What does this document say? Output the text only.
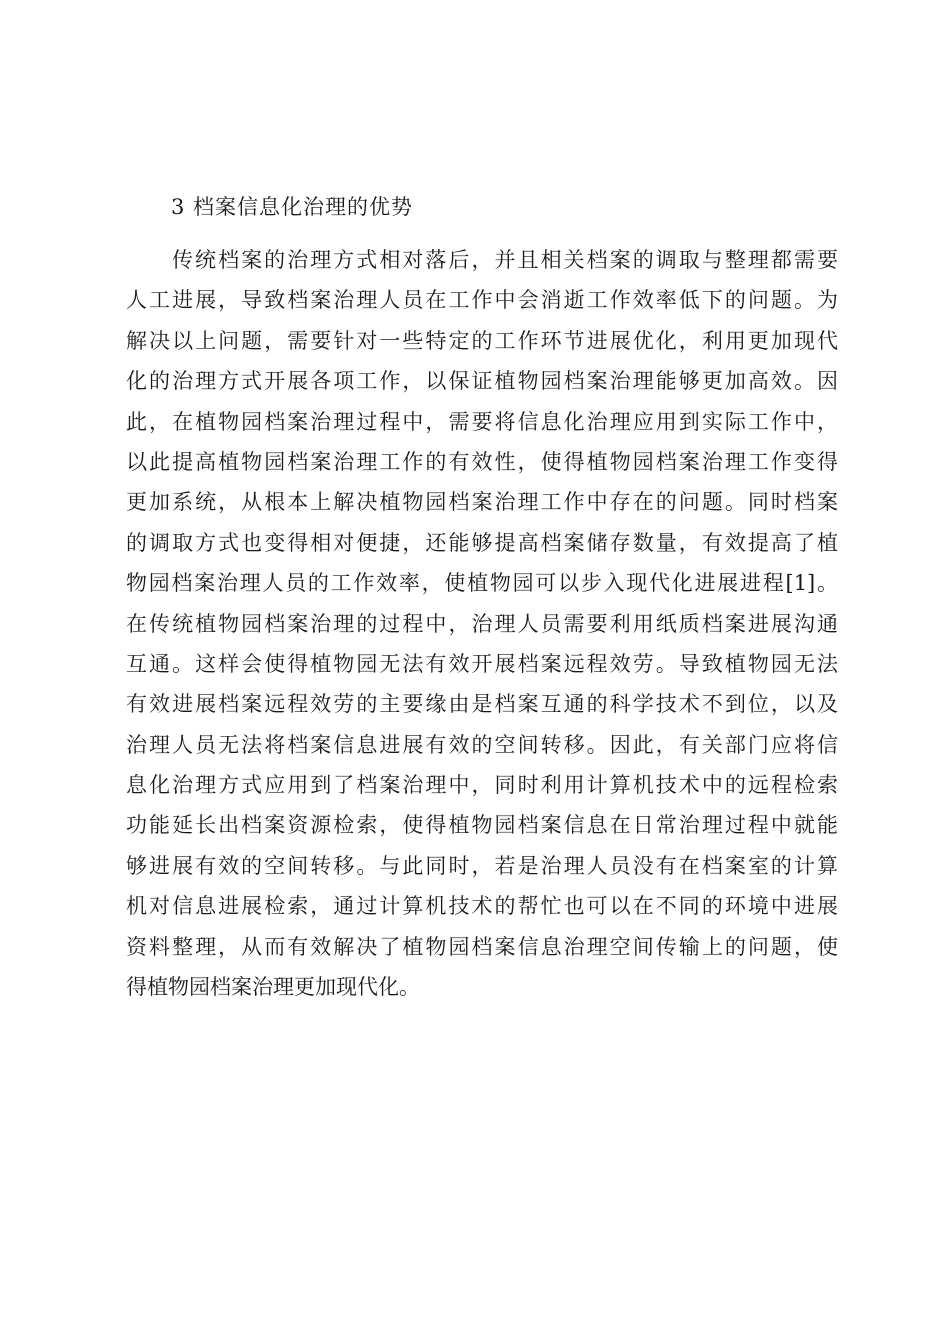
3 档案信息化治理的优势
传统档案的治理方式相对落后，并且相关档案的调取与整理都需要
人工进展，导致档案治理人员在工作中会消逝工作效率低下的问题。为
解决以上问题，需要针对一些特定的工作环节进展优化，利用更加现代
化的治理方式开展各项工作，以保证植物园档案治理能够更加高效。因
此，在植物园档案治理过程中，需要将信息化治理应用到实际工作中，
以此提高植物园档案治理工作的有效性，使得植物园档案治理工作变得
更加系统，从根本上解决植物园档案治理工作中存在的问题。同时档案
的调取方式也变得相对便捷，还能够提高档案储存数量，有效提高了植
物园档案治理人员的工作效率，使植物园可以步入现代化进展进程[1]。
在传统植物园档案治理的过程中，治理人员需要利用纸质档案进展沟通
互通。这样会使得植物园无法有效开展档案远程效劳。导致植物园无法
有效进展档案远程效劳的主要缘由是档案互通的科学技术不到位，以及
治理人员无法将档案信息进展有效的空间转移。因此，有关部门应将信
息化治理方式应用到了档案治理中，同时利用计算机技术中的远程检索
功能延长出档案资源检索，使得植物园档案信息在日常治理过程中就能
够进展有效的空间转移。与此同时，若是治理人员没有在档案室的计算
机对信息进展检索，通过计算机技术的帮忙也可以在不同的环境中进展
资料整理，从而有效解决了植物园档案信息治理空间传输上的问题，使
得植物园档案治理更加现代化。
